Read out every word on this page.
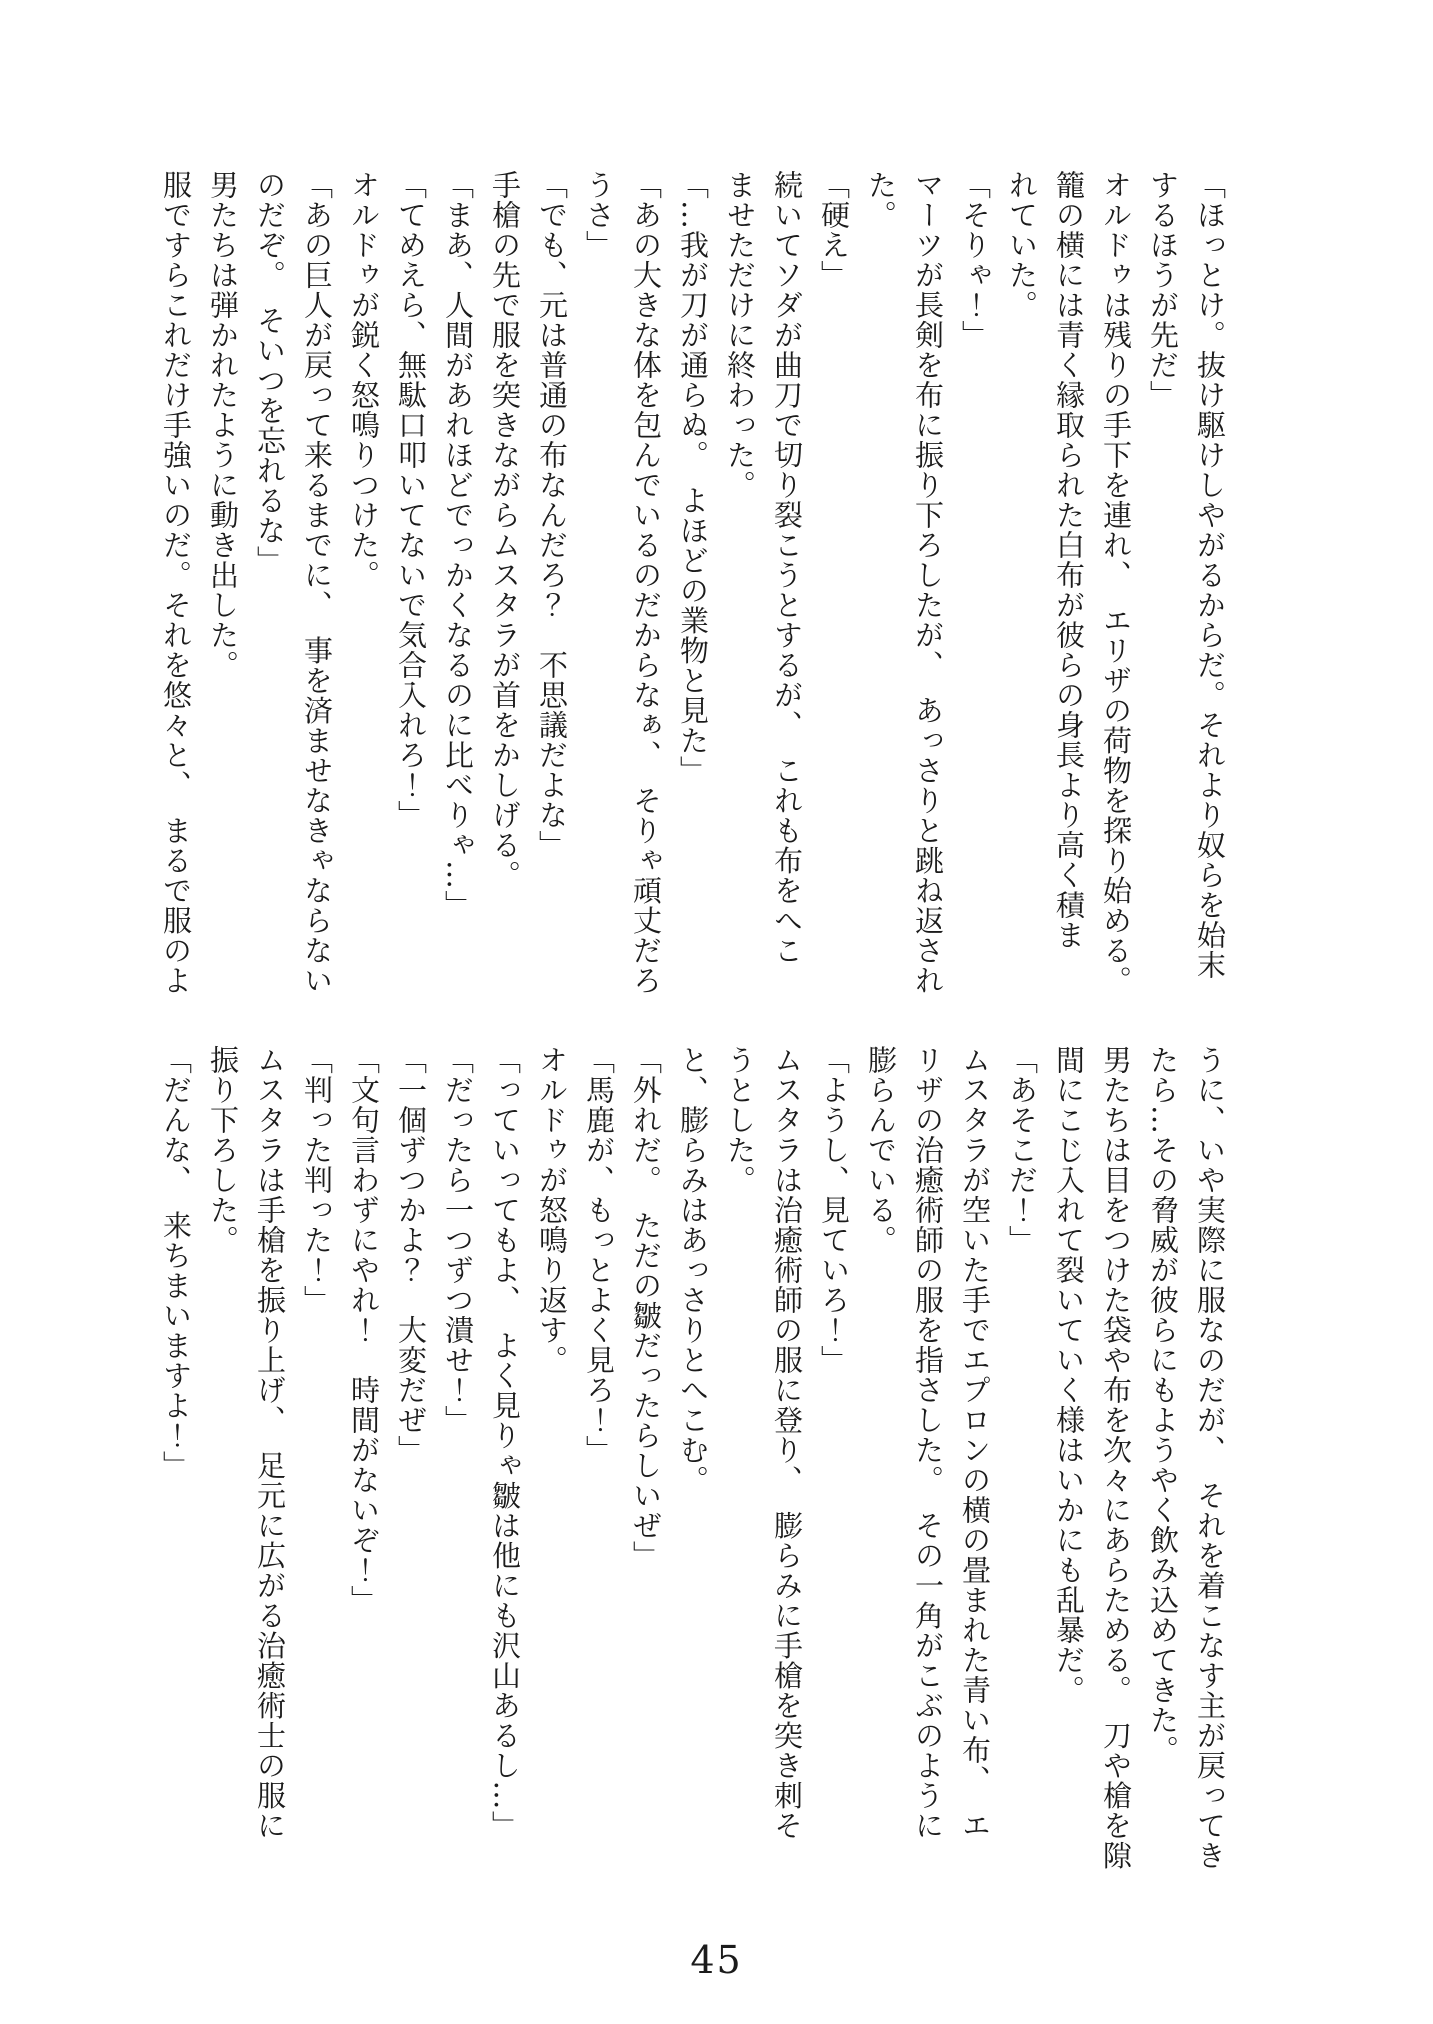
「ほっとけ。抜け駆けしやがるからだ。それより奴らを始末

するほうが先だ」

オルドゥは残りの手下を連れ、　エリザの荷物を探り始める。

籠の横には青く縁取られた白布が彼らの身長より高く積ま

れていた。

「そりゃ！」

マーツが長剣を布に振り下ろしたが、　あっさりと跳ね返され

た。

「硬え」

続いてソダが曲刀で切り裂こうとするが、　これも布をへこ

ませただけに終わった。

「…我が刀が通らぬ。　よほどの業物と見た」

「あの大きな体を包んでいるのだからなぁ、　そりゃ頑丈だろ

うさ」

「でも、元は普通の布なんだろ？　不思議だよな」

手槍の先で服を突きながらムスタラが首をかしげる。

「まあ、人間があれほどでっかくなるのに比べりゃ…」

「てめえら、無駄口叩いてないで気合入れろ！」

オルドゥが鋭く怒鳴りつけた。

「あの巨人が戻って来るまでに、　事を済ませなきゃならない

のだぞ。　そいつを忘れるな」

男たちは弾かれたように動き出した。

服ですらこれだけ手強いのだ。それを悠々と、　まるで服のよ

うに、いや実際に服なのだが、　それを着こなす主が戻ってき

たら…その脅威が彼らにもようやく飲み込めてきた。

男たちは目をつけた袋や布を次々にあらためる。　刀や槍を隙

間にこじ入れて裂いていく様はいかにも乱暴だ。

「あそこだ！」

ムスタラが空いた手でエプロンの横の畳まれた青い布、　エ

リザの治癒術師の服を指さした。　その一角がこぶのように

膨らんでいる。

「ようし、見ていろ！」

ムスタラは治癒術師の服に登り、　膨らみに手槍を突き刺そ

うとした。

と、膨らみはあっさりとへこむ。

「外れだ。　ただの皺だったらしいぜ」

「馬鹿が、もっとよく見ろ！」

オルドゥが怒鳴り返す。

「っていってもよ、　よく見りゃ皺は他にも沢山あるし…」

「だったら一つずつ潰せ！」

「一個ずつかよ？　大変だぜ」

「文句言わずにやれ！　時間がないぞ！」

「判った判った！」

ムスタラは手槍を振り上げ、　足元に広がる治癒術士の服に

振り下ろした。

「だんな、　来ちまいますよ！」

45
